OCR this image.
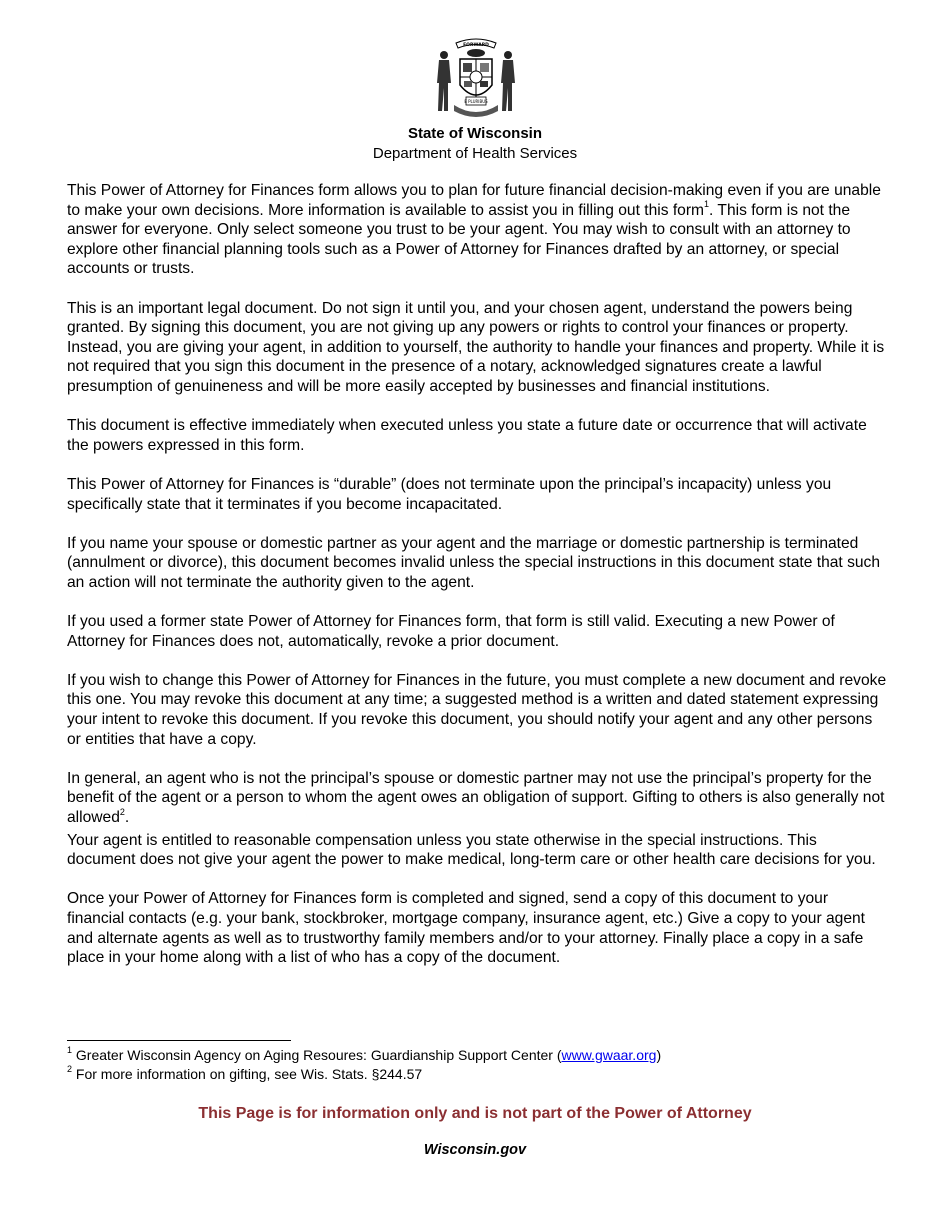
FORWARD
E PLURIBUS
State of Wisconsin
Department of Health Services

This Power of Attorney for Finances form allows you to plan for future financial decision-making even if you are unable to make your own decisions. More information is available to assist you in filling out this form$^1$. This form is not the answer for everyone. Only select someone you trust to be your agent. You may wish to consult with an attorney to explore other financial planning tools such as a Power of Attorney for Finances drafted by an attorney, or special accounts or trusts.

This is an important legal document. Do not sign it until you, and your chosen agent, understand the powers being granted. By signing this document, you are not giving up any powers or rights to control your finances or property. Instead, you are giving your agent, in addition to yourself, the authority to handle your finances and property. While it is not required that you sign this document in the presence of a notary, acknowledged signatures create a lawful presumption of genuineness and will be more easily accepted by businesses and financial institutions.

This document is effective immediately when executed unless you state a future date or occurrence that will activate the powers expressed in this form.

This Power of Attorney for Finances is “durable” (does not terminate upon the principal’s incapacity) unless you specifically state that it terminates if you become incapacitated.

If you name your spouse or domestic partner as your agent and the marriage or domestic partnership is terminated (annulment or divorce), this document becomes invalid unless the special instructions in this document state that such an action will not terminate the authority given to the agent.

If you used a former state Power of Attorney for Finances form, that form is still valid. Executing a new Power of Attorney for Finances does not, automatically, revoke a prior document.

If you wish to change this Power of Attorney for Finances in the future, you must complete a new document and revoke this one. You may revoke this document at any time; a suggested method is a written and dated statement expressing your intent to revoke this document. If you revoke this document, you should notify your agent and any other persons or entities that have a copy.

In general, an agent who is not the principal’s spouse or domestic partner may not use the principal’s property for the benefit of the agent or a person to whom the agent owes an obligation of support. Gifting to others is also generally not allowed$^2$.

Your agent is entitled to reasonable compensation unless you state otherwise in the special instructions. This document does not give your agent the power to make medical, long-term care or other health care decisions for you.

Once your Power of Attorney for Finances form is completed and signed, send a copy of this document to your financial contacts (e.g. your bank, stockbroker, mortgage company, insurance agent, etc.) Give a copy to your agent and alternate agents as well as to trustworthy family members and/or to your attorney. Finally place a copy in a safe place in your home along with a list of who has a copy of the document.

$^1$ Greater Wisconsin Agency on Aging Resoures: Guardianship Support Center (www.gwaar.org)
$^2$ For more information on gifting, see Wis. Stats. §244.57
This Page is for information only and is not part of the Power of Attorney
Wisconsin.gov
